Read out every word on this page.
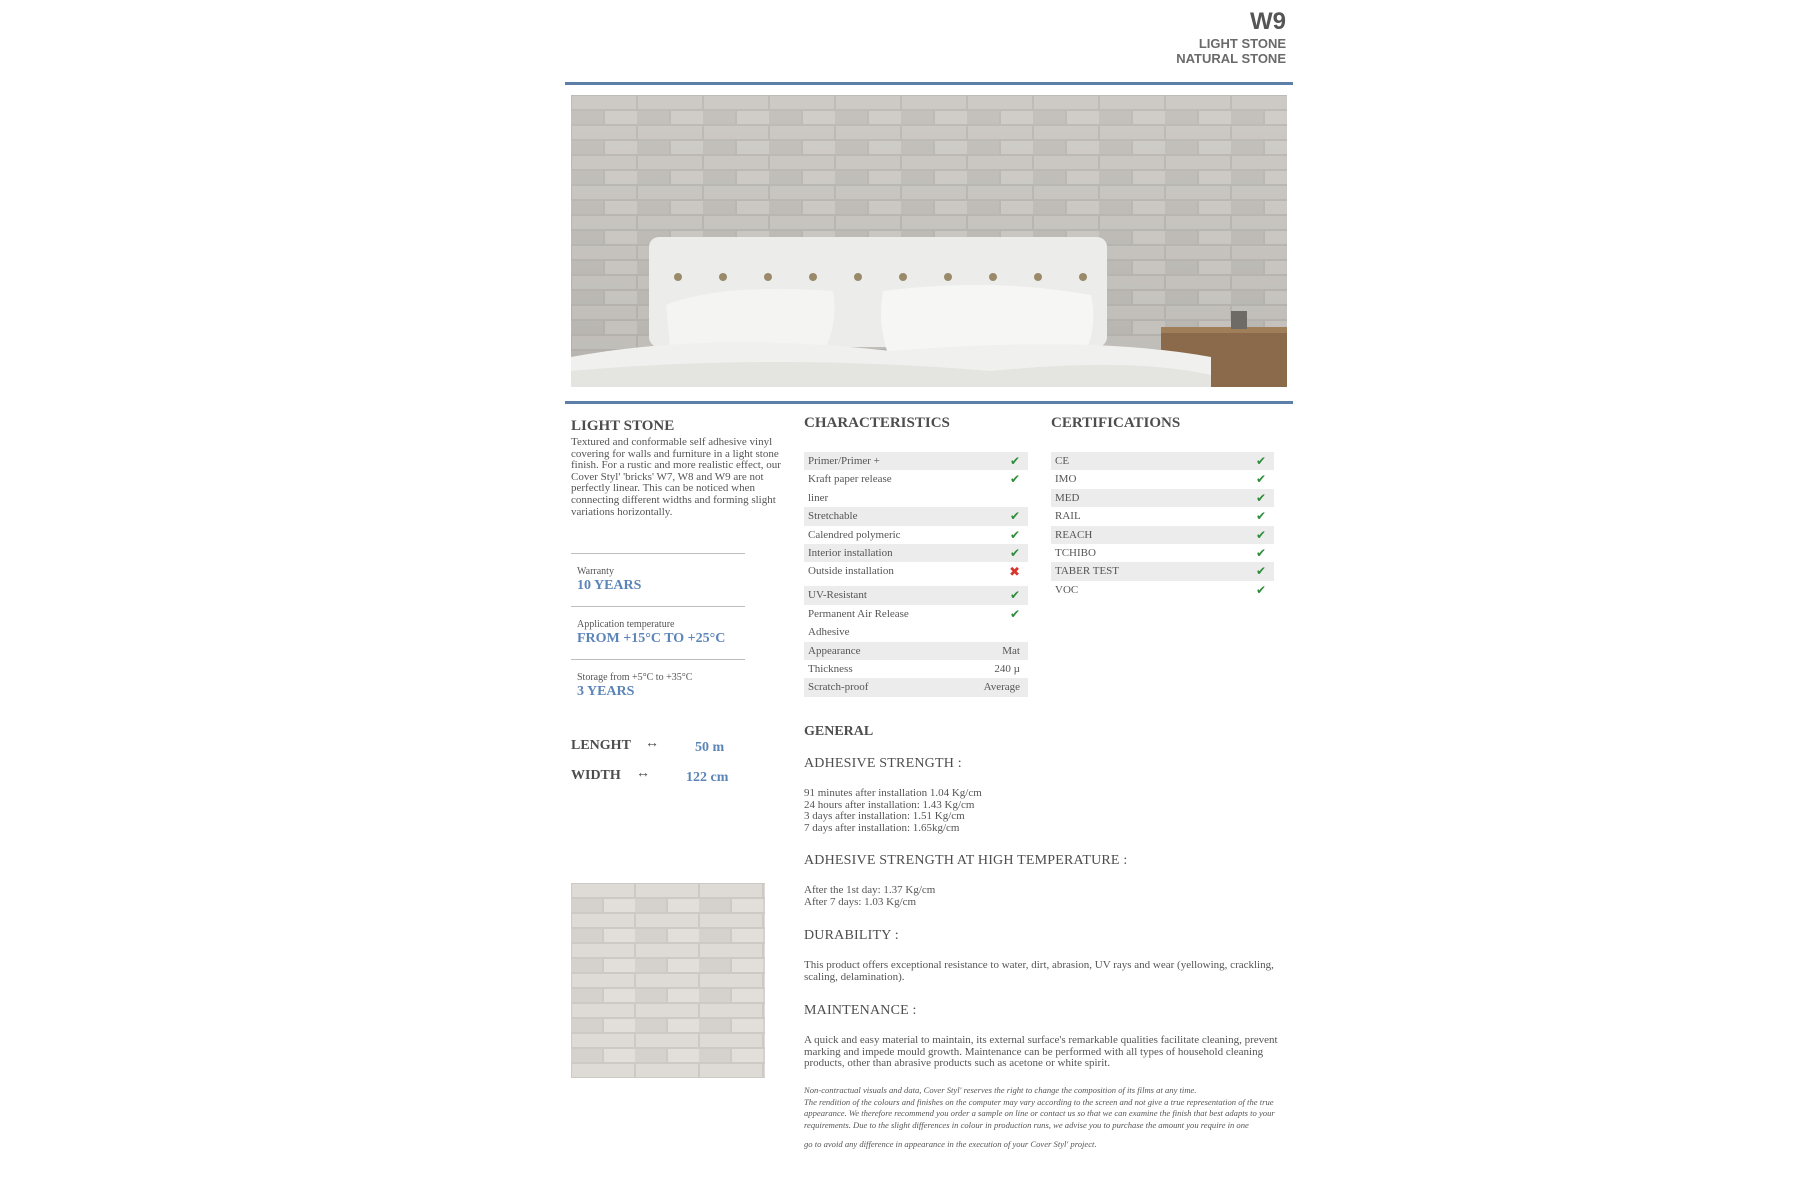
W9
LIGHT STONE
NATURAL STONE
LIGHT STONE
Textured and conformable self adhesive vinyl covering for walls and furniture in a light stone finish. For a rustic and more realistic effect, our Cover Styl' 'bricks' W7, W8 and W9 are not perfectly linear. This can be noticed when connecting different widths and forming slight variations horizontally.
Warranty
10 YEARS
Application temperature
FROM +15°C TO +25°C
Storage from +5°C to +35°C
3 YEARS
LENGHT ↔	50 m
WIDTH ↔	122 cm
CHARACTERISTICS
Primer/Primer +	✔
Kraft paper release	✔
liner
Stretchable	✔
Calendred polymeric	✔
Interior installation	✔
Outside installation	✖
UV-Resistant	✔
Permanent Air Release	✔
Adhesive
Appearance	Mat
Thickness	240 µ
Scratch-proof	Average
CERTIFICATIONS
CE	✔
IMO	✔
MED	✔
RAIL	✔
REACH	✔
TCHIBO	✔
TABER TEST	✔
VOC	✔
GENERAL
ADHESIVE STRENGTH :
91 minutes after installation 1.04 Kg/cm
24 hours after installation: 1.43 Kg/cm
3 days after installation: 1.51 Kg/cm
7 days after installation: 1.65kg/cm
ADHESIVE STRENGTH AT HIGH TEMPERATURE :
After the 1st day: 1.37 Kg/cm
After 7 days: 1.03 Kg/cm
DURABILITY :
This product offers exceptional resistance to water, dirt, abrasion, UV rays and wear (yellowing, crackling, scaling, delamination).
MAINTENANCE :
A quick and easy material to maintain, its external surface's remarkable qualities facilitate cleaning, prevent marking and impede mould growth. Maintenance can be performed with all types of household cleaning products, other than abrasive products such as acetone or white spirit.
Non-contractual visuals and data, Cover Styl' reserves the right to change the composition of its films at any time.
The rendition of the colours and finishes on the computer may vary according to the screen and not give a true representation of the true appearance. We therefore recommend you order a sample on line or contact us so that we can examine the finish that best adapts to your requirements. Due to the slight differences in colour in production runs, we advise you to purchase the amount you require in one
go to avoid any difference in appearance in the execution of your Cover Styl' project.
